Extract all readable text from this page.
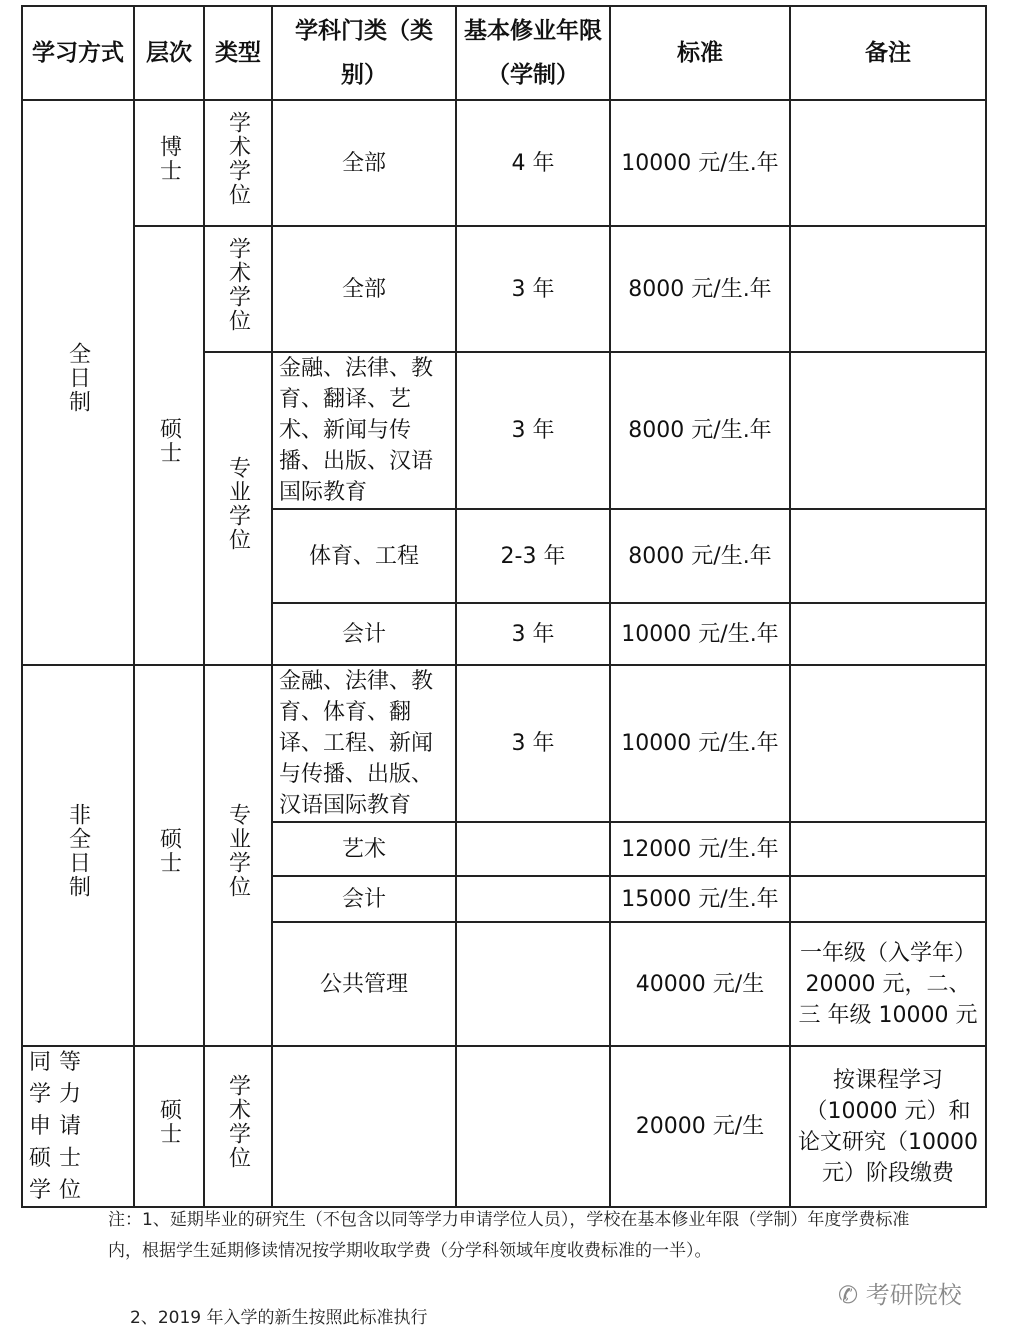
学习方式	层次	类型	学科门类（类别）	基本修业年限（学制）	标准	备注
全日制	博士	学术学位	全部	4 年	10000 元/生.年	
	硕士	学术学位	全部	3 年	8000 元/生.年	
		专业学位	金融、法律、教育、翻译、艺术、新闻与传播、出版、汉语国际教育	3 年	8000 元/生.年	
			体育、工程	2-3 年	8000 元/生.年	
			会计	3 年	10000 元/生.年	
非全日制	硕士	专业学位	金融、法律、教育、体育、翻译、工程、新闻与传播、出版、汉语国际教育	3 年	10000 元/生.年	
			艺术		12000 元/生.年	
			会计		15000 元/生.年	
			公共管理		40000 元/生	一年级（入学年）20000 元，二、三 年级 10000 元
同等学力申请硕士学位	硕士	学术学位			20000 元/生	按课程学习（10000 元）和论文研究（10000 元）阶段缴费
注：1、延期毕业的研究生（不包含以同等学力申请学位人员），学校在基本修业年限（学制）年度学费标准内，根据学生延期修读情况按学期收取学费（分学科领域年度收费标准的一半）。
2、2019 年入学的新生按照此标准执行
✆ 考研院校
